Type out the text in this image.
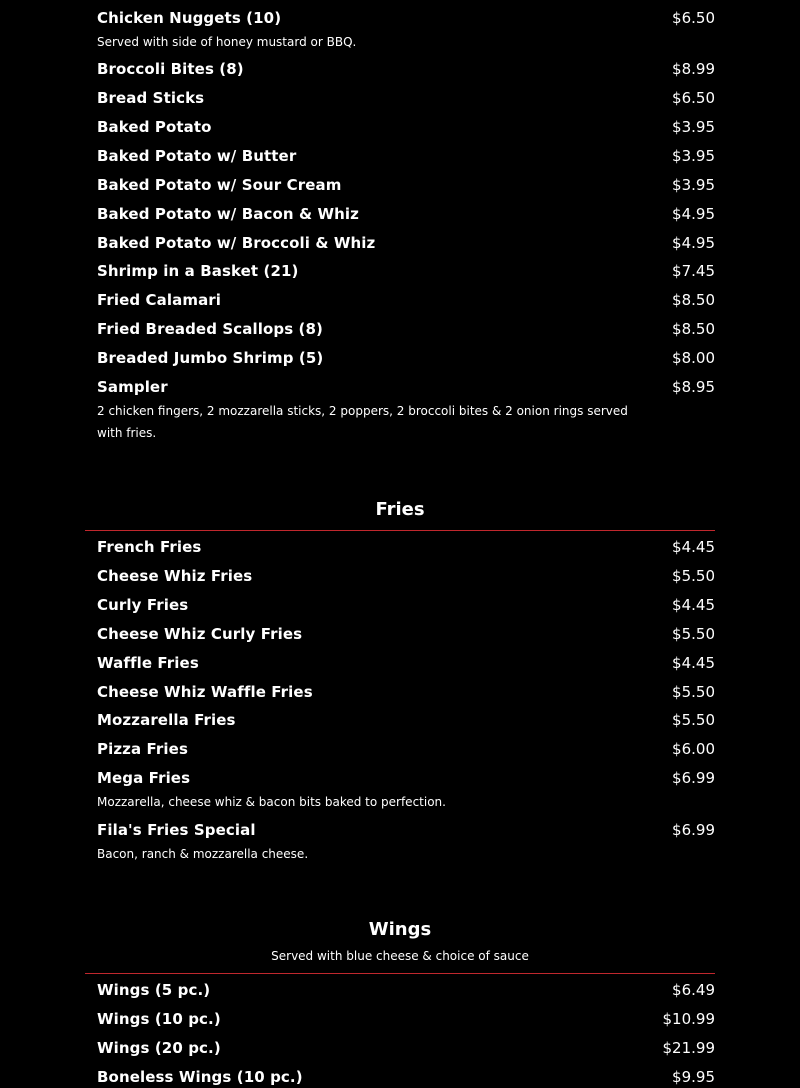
Chicken Nuggets (10)	$6.50
Served with side of honey mustard or BBQ.
Broccoli Bites (8)	$8.99
Bread Sticks	$6.50
Baked Potato	$3.95
Baked Potato w/ Butter	$3.95
Baked Potato w/ Sour Cream	$3.95
Baked Potato w/ Bacon & Whiz	$4.95
Baked Potato w/ Broccoli & Whiz	$4.95
Shrimp in a Basket (21)	$7.45
Fried Calamari	$8.50
Fried Breaded Scallops (8)	$8.50
Breaded Jumbo Shrimp (5)	$8.00
Sampler	$8.95
2 chicken fingers, 2 mozzarella sticks, 2 poppers, 2 broccoli bites & 2 onion rings served with fries.
Fries
French Fries	$4.45
Cheese Whiz Fries	$5.50
Curly Fries	$4.45
Cheese Whiz Curly Fries	$5.50
Waffle Fries	$4.45
Cheese Whiz Waffle Fries	$5.50
Mozzarella Fries	$5.50
Pizza Fries	$6.00
Mega Fries	$6.99
Mozzarella, cheese whiz & bacon bits baked to perfection.
Fila's Fries Special	$6.99
Bacon, ranch & mozzarella cheese.
Wings
Served with blue cheese & choice of sauce
Wings (5 pc.)	$6.49
Wings (10 pc.)	$10.99
Wings (20 pc.)	$21.99
Boneless Wings (10 pc.)	$9.95
